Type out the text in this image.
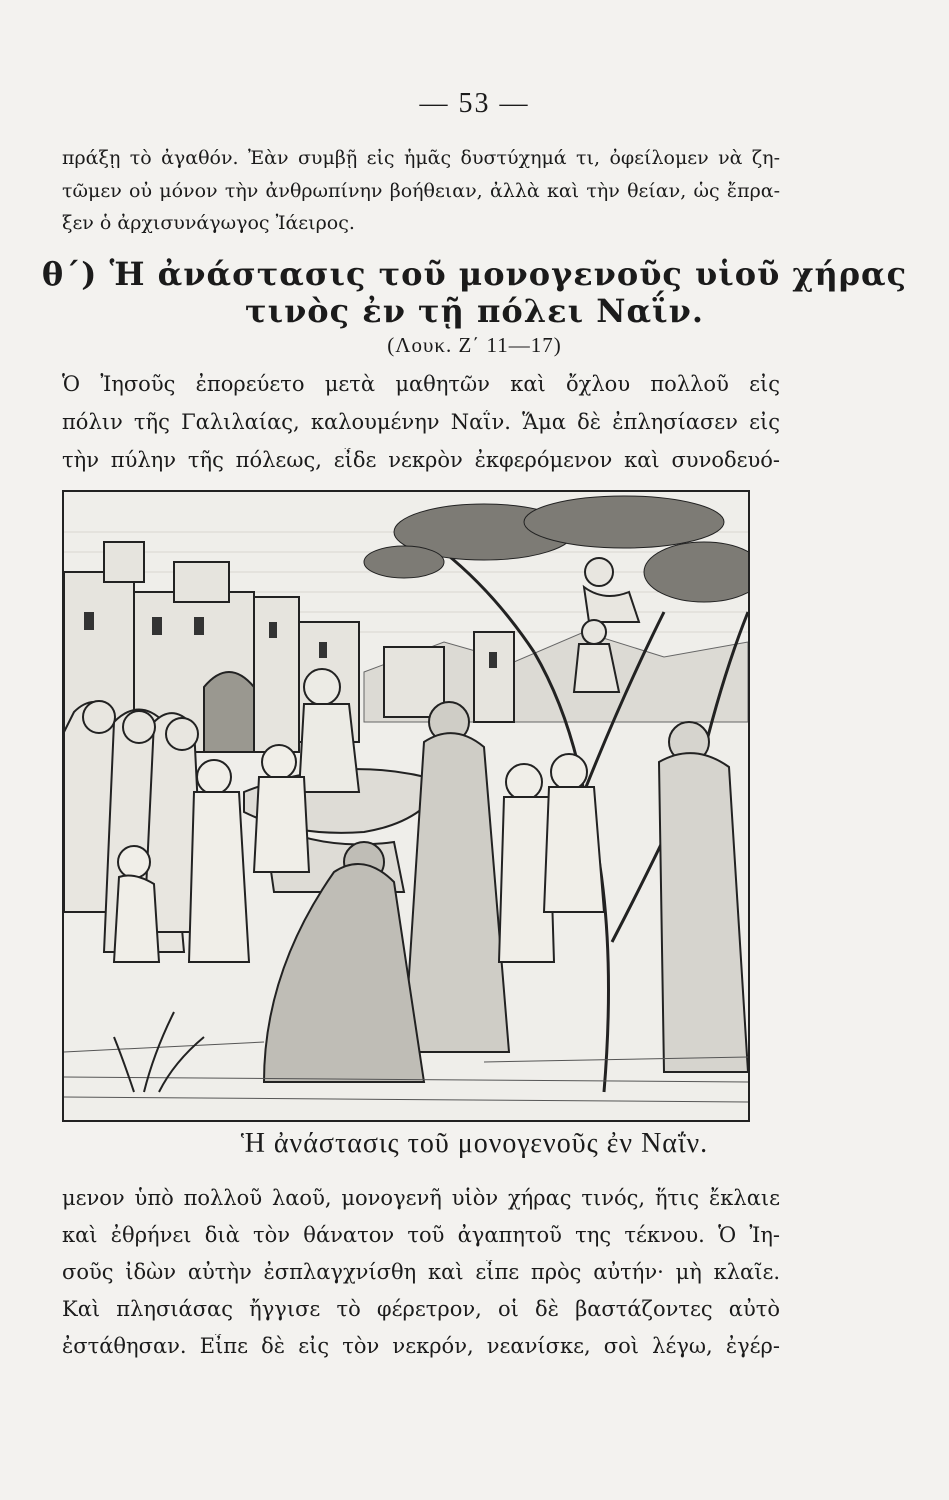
— 53 —
πράξῃ τὸ ἀγαθόν. Ἐὰν συμβῇ εἰς ἡμᾶς δυστύχημά τι, ὀφείλομεν νὰ ζη-
τῶμεν οὐ μόνον τὴν ἀνθρωπίνην βοήθειαν, ἀλλὰ καὶ τὴν θείαν, ὡς ἔπρα-
ξεν ὁ ἀρχισυνάγωγος Ἰάειρος.
θ΄) Ἡ ἀνάστασις τοῦ μονογενοῦς υἱοῦ χήρας
τινὸς ἐν τῇ πόλει Ναΐν.
(Λουκ. Ζ΄ 11—17)
Ὁ Ἰησοῦς ἐπορεύετο μετὰ μαθητῶν καὶ ὄχλου πολλοῦ εἰς
πόλιν τῆς Γαλιλαίας, καλουμένην Ναΐν. Ἅμα δὲ ἐπλησίασεν εἰς
τὴν πύλην τῆς πόλεως, εἶδε νεκρὸν ἐκφερόμενον καὶ συνοδευό-
Ἡ ἀνάστασις τοῦ μονογενοῦς ἐν Ναΐν.
μενον ὑπὸ πολλοῦ λαοῦ, μονογενῆ υἱὸν χήρας τινός, ἥτις ἔκλαιε
καὶ ἐθρήνει διὰ τὸν θάνατον τοῦ ἀγαπητοῦ της τέκνου. Ὁ Ἰη-
σοῦς ἰδὼν αὐτὴν ἐσπλαγχνίσθη καὶ εἶπε πρὸς αὐτήν· μὴ κλαῖε.
Καὶ πλησιάσας ἤγγισε τὸ φέρετρον, οἱ δὲ βαστάζοντες αὐτὸ
ἐστάθησαν. Εἶπε δὲ εἰς τὸν νεκρόν, νεανίσκε, σοὶ λέγω, ἐγέρ-
